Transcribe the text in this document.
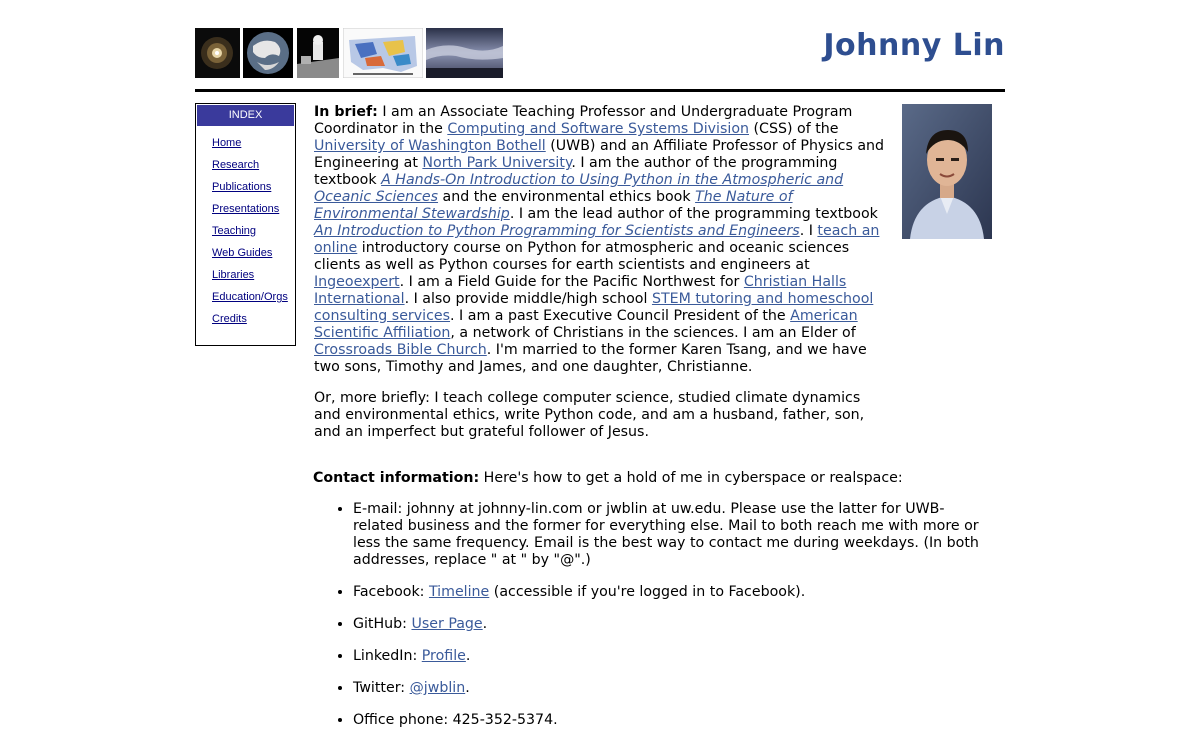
Johnny Lin
INDEX
Home
Research
Publications
Presentations
Teaching
Web Guides
Libraries
Education/Orgs
Credits

In brief: I am an Associate Teaching Professor and Undergraduate Program Coordinator in the Computing and Software Systems Division (CSS) of the University of Washington Bothell (UWB) and an Affiliate Professor of Physics and Engineering at North Park University. I am the author of the programming textbook A Hands-On Introduction to Using Python in the Atmospheric and Oceanic Sciences and the environmental ethics book The Nature of Environmental Stewardship. I am the lead author of the programming textbook An Introduction to Python Programming for Scientists and Engineers. I teach an online introductory course on Python for atmospheric and oceanic sciences clients as well as Python courses for earth scientists and engineers at Ingeoexpert. I am a Field Guide for the Pacific Northwest for Christian Halls International. I also provide middle/high school STEM tutoring and homeschool consulting services. I am a past Executive Council President of the American Scientific Affiliation, a network of Christians in the sciences. I am an Elder of Crossroads Bible Church. I'm married to the former Karen Tsang, and we have two sons, Timothy and James, and one daughter, Christianne.

Or, more briefly: I teach college computer science, studied climate dynamics and environmental ethics, write Python code, and am a husband, father, son, and an imperfect but grateful follower of Jesus.

Contact information: Here's how to get a hold of me in cyberspace or realspace:
• E-mail: johnny at johnny-lin.com or jwblin at uw.edu. Please use the latter for UWB-related business and the former for everything else. Mail to both reach me with more or less the same frequency. Email is the best way to contact me during weekdays. (In both addresses, replace " at " by "@".)
• Facebook: Timeline (accessible if you're logged in to Facebook).
• GitHub: User Page.
• LinkedIn: Profile.
• Twitter: @jwblin.
• Office phone: 425-352-5374.
